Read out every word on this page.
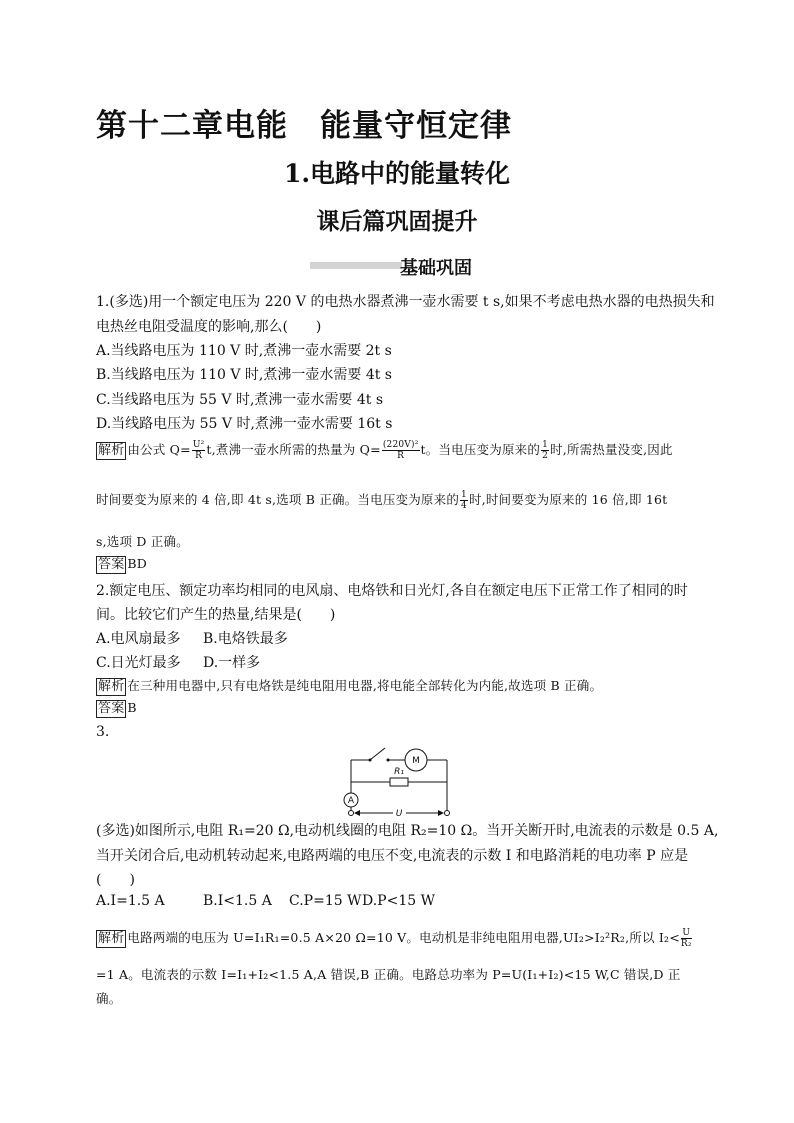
第十二章电能　能量守恒定律
1.电路中的能量转化
课后篇巩固提升
基础巩固
1.(多选)用一个额定电压为 220 V 的电热水器煮沸一壶水需要 t s,如果不考虑电热水器的电热损失和
电热丝电阻受温度的影响,那么(　　)
A.当线路电压为 110 V 时,煮沸一壶水需要 2t s
B.当线路电压为 110 V 时,煮沸一壶水需要 4t s
C.当线路电压为 55 V 时,煮沸一壶水需要 4t s
D.当线路电压为 55 V 时,煮沸一壶水需要 16t s
解析 由公式 $Q= \frac{\text{U²}}{R} t$,煮沸一壶水所需的热量为 $Q= \frac{\text{(220V)²}}{R}$ t。当电压变为原来的 $\frac{1}{2}$ 时,所需热量没变,因此
时间要变为原来的 4 倍,即 4t s,选项 B 正确。当电压变为原来的 $\frac{1}{4}$ 时,时间要变为原来的 16 倍,即 16t
s,选项 D 正确。
答案 BD
2.额定电压、额定功率均相同的电风扇、电烙铁和日光灯,各自在额定电压下正常工作了相同的时
间。比较它们产生的热量,结果是(　　)
A.电风扇最多 B.电烙铁最多
C.日光灯最多 D.一样多
解析 在三种用电器中,只有电烙铁是纯电阻用电器,将电能全部转化为内能,故选项 B 正确。
答案 B
3.
M
R₁
A
U
(多选)如图所示,电阻 R₁=20 Ω,电动机线圈的电阻 R₂=10 Ω。当开关断开时,电流表的示数是 0.5 A,
当开关闭合后,电动机转动起来,电路两端的电压不变,电流表的示数 I 和电路消耗的电功率 P 应是
(　　)
A.I=1.5 A	B.I<1.5 A C.P=15 W D.P<15 W
解析 电路两端的电压为 U=I₁R₁=0.5 A×20 Ω=10 V。电动机是非纯电阻用电器,UI₂>I₂²R₂,所以 $I_2< \frac{U}{\text{R₂}}$
=1 A。电流表的示数 I=I₁+I₂<1.5 A,A 错误,B 正确。电路总功率为 P=U(I₁+I₂)<15 W,C 错误,D 正
确。
